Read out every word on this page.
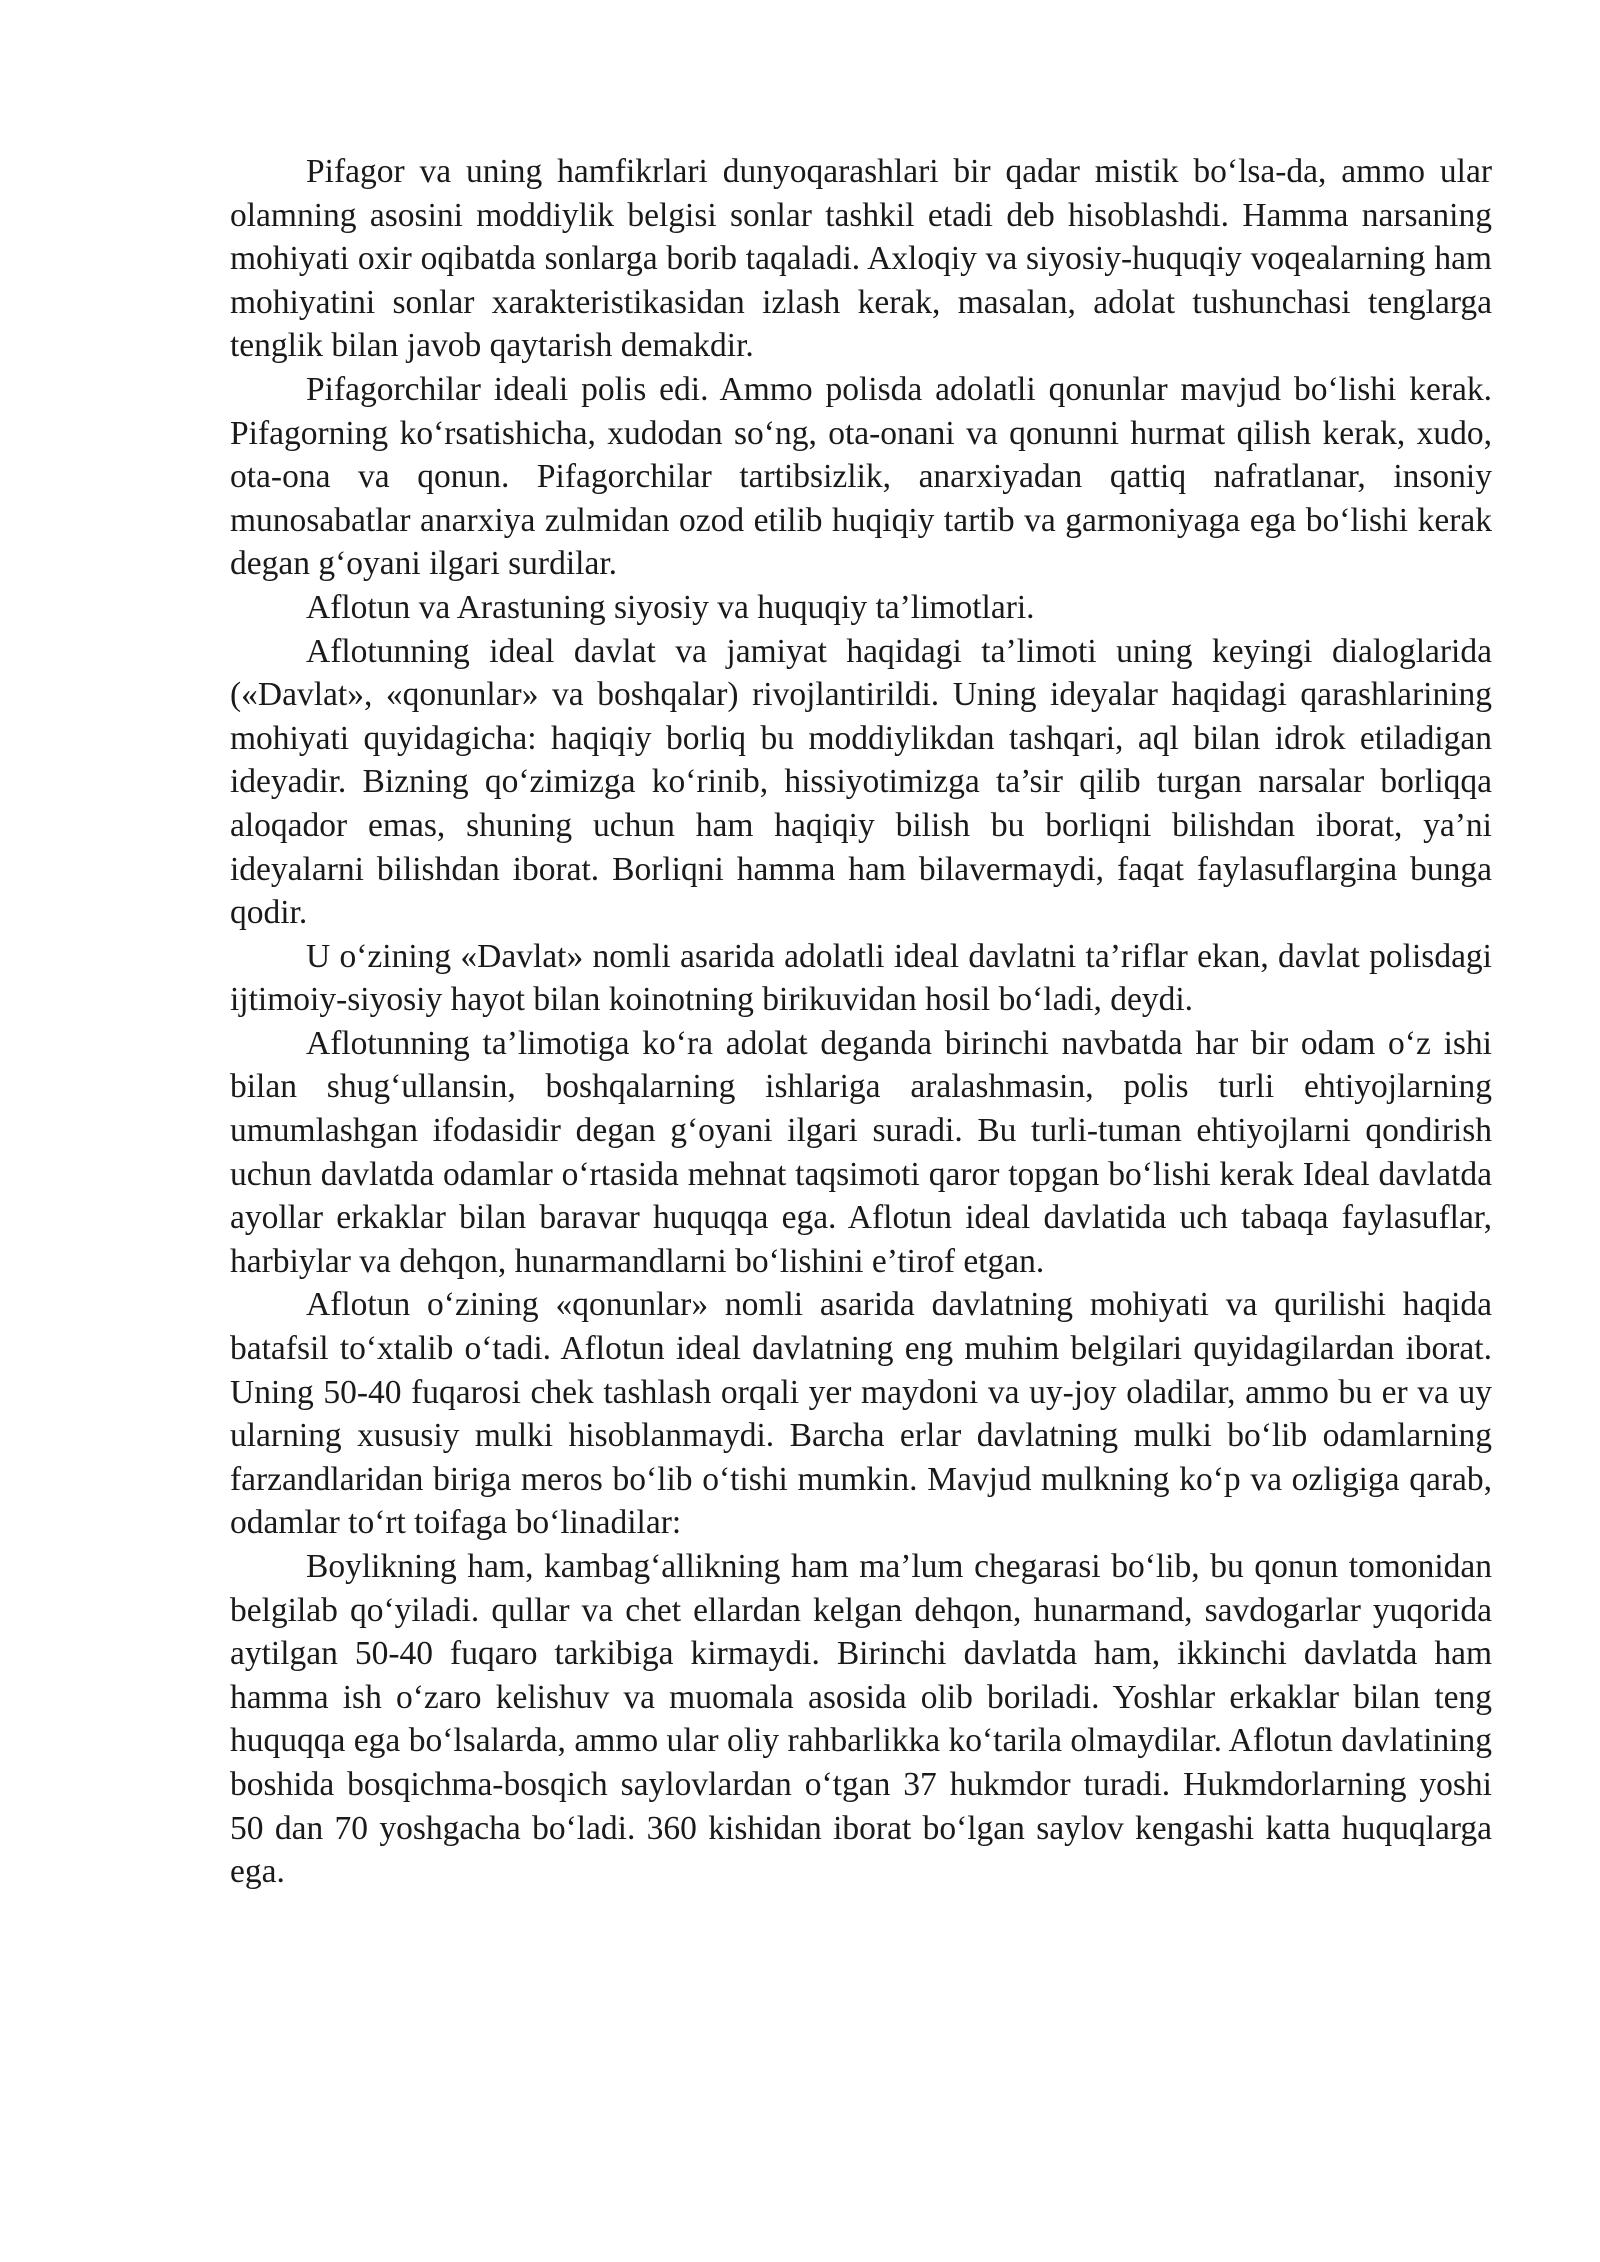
Pifagor va uning hamfikrlari dunyoqarashlari bir qadar mistik bo‘lsa-da, ammo ular olamning asosini moddiylik belgisi sonlar tashkil etadi deb hisoblashdi. Hamma narsaning mohiyati oxir oqibatda sonlarga borib taqaladi. Axloqiy va siyosiy-huquqiy voqealarning ham mohiyatini sonlar xarakteristikasidan izlash kerak, masalan, adolat tushunchasi tenglarga tenglik bilan javob qaytarish demakdir.

Pifagorchilar ideali polis edi. Ammo polisda adolatli qonunlar mavjud bo‘lishi kerak. Pifagorning ko‘rsatishicha, xudodan so‘ng, ota-onani va qonunni hurmat qilish kerak, xudo, ota-ona va qonun. Pifagorchilar tartibsizlik, anarxiyadan qattiq nafratlanar, insoniy munosabatlar anarxiya zulmidan ozod etilib huqiqiy tartib va garmoniyaga ega bo‘lishi kerak degan g‘oyani ilgari surdilar.

Aflotun va Arastuning siyosiy va huquqiy ta’limotlari.

Aflotunning ideal davlat va jamiyat haqidagi ta’limoti uning keyingi dialoglarida («Davlat», «qonunlar» va boshqalar) rivojlantirildi. Uning ideyalar haqidagi qarashlarining mohiyati quyidagicha: haqiqiy borliq bu moddiylikdan tashqari, aql bilan idrok etiladigan ideyadir. Bizning qo‘zimizga ko‘rinib, hissiyotimizga ta’sir qilib turgan narsalar borliqqa aloqador emas, shuning uchun ham haqiqiy bilish bu borliqni bilishdan iborat, ya’ni ideyalarni bilishdan iborat. Borliqni hamma ham bilavermaydi, faqat faylasuflargina bunga qodir.

U o‘zining «Davlat» nomli asarida adolatli ideal davlatni ta’riflar ekan, davlat polisdagi ijtimoiy-siyosiy hayot bilan koinotning birikuvidan hosil bo‘ladi, deydi.

Aflotunning ta’limotiga ko‘ra adolat deganda birinchi navbatda har bir odam o‘z ishi bilan shug‘ullansin, boshqalarning ishlariga aralashmasin, polis turli ehtiyojlarning umumlashgan ifodasidir degan g‘oyani ilgari suradi. Bu turli-tuman ehtiyojlarni qondirish uchun davlatda odamlar o‘rtasida mehnat taqsimoti qaror topgan bo‘lishi kerak Ideal davlatda ayollar erkaklar bilan baravar huquqqa ega. Aflotun ideal davlatida uch tabaqa faylasuflar, harbiylar va dehqon, hunarmandlarni bo‘lishini e’tirof etgan.

Aflotun o‘zining «qonunlar» nomli asarida davlatning mohiyati va qurilishi haqida batafsil to‘xtalib o‘tadi. Aflotun ideal davlatning eng muhim belgilari quyidagilardan iborat. Uning 50-40 fuqarosi chek tashlash orqali yer maydoni va uy-joy oladilar, ammo bu er va uy ularning xususiy mulki hisoblanmaydi. Barcha erlar davlatning mulki bo‘lib odamlarning farzandlaridan biriga meros bo‘lib o‘tishi mumkin. Mavjud mulkning ko‘p va ozligiga qarab, odamlar to‘rt toifaga bo‘linadilar:

Boylikning ham, kambag‘allikning ham ma’lum chegarasi bo‘lib, bu qonun tomonidan belgilab qo‘yiladi. qullar va chet ellardan kelgan dehqon, hunarmand, savdogarlar yuqorida aytilgan 50-40 fuqaro tarkibiga kirmaydi. Birinchi davlatda ham, ikkinchi davlatda ham hamma ish o‘zaro kelishuv va muomala asosida olib boriladi. Yoshlar erkaklar bilan teng huquqqa ega bo‘lsalarda, ammo ular oliy rahbarlikka ko‘tarila olmaydilar. Aflotun davlatining boshida bosqichma-bosqich saylovlardan o‘tgan 37 hukmdor turadi. Hukmdorlarning yoshi 50 dan 70 yoshgacha bo‘ladi. 360 kishidan iborat bo‘lgan saylov kengashi katta huquqlarga ega.
